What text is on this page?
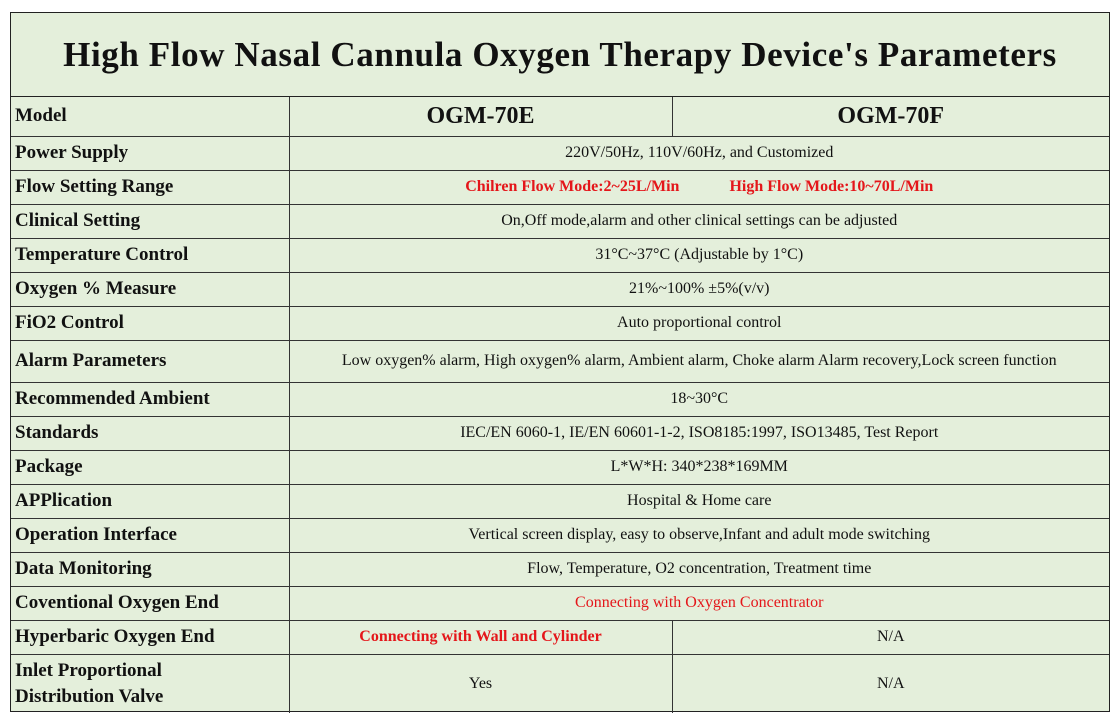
High Flow Nasal Cannula Oxygen Therapy Device's Parameters
Model	OGM-70E	OGM-70F
Power Supply	220V/50Hz, 110V/60Hz, and Customized	
Flow Setting Range	Chilren Flow Mode:2~25L/Min High Flow Mode:10~70L/Min	

Clinical Setting	On,Off mode,alarm and other clinical settings can be adjusted	
Temperature Control	31°C~37°C (Adjustable by 1°C)	
Oxygen % Measure	21%~100% ±5%(v/v)	
FiO2 Control	Auto proportional control	
Alarm Parameters	Low oxygen% alarm, High oxygen% alarm, Ambient alarm, Choke alarm Alarm recovery,Lock screen function	
Recommended Ambient	18~30°C	
Standards	IEC/EN 6060-1, IE/EN 60601-1-2, ISO8185:1997, ISO13485, Test Report	
Package	L*W*H: 340*238*169MM	
APPlication	Hospital & Home care	
Operation Interface	Vertical screen display, easy to observe,Infant and adult mode switching	
Data Monitoring	Flow, Temperature, O2 concentration, Treatment time	
Coventional Oxygen End	Connecting with Oxygen Concentrator	
Hyperbaric Oxygen End	Connecting with Wall and Cylinder	N/A

Inlet Proportional
Distribution Valve	Yes	N/A
